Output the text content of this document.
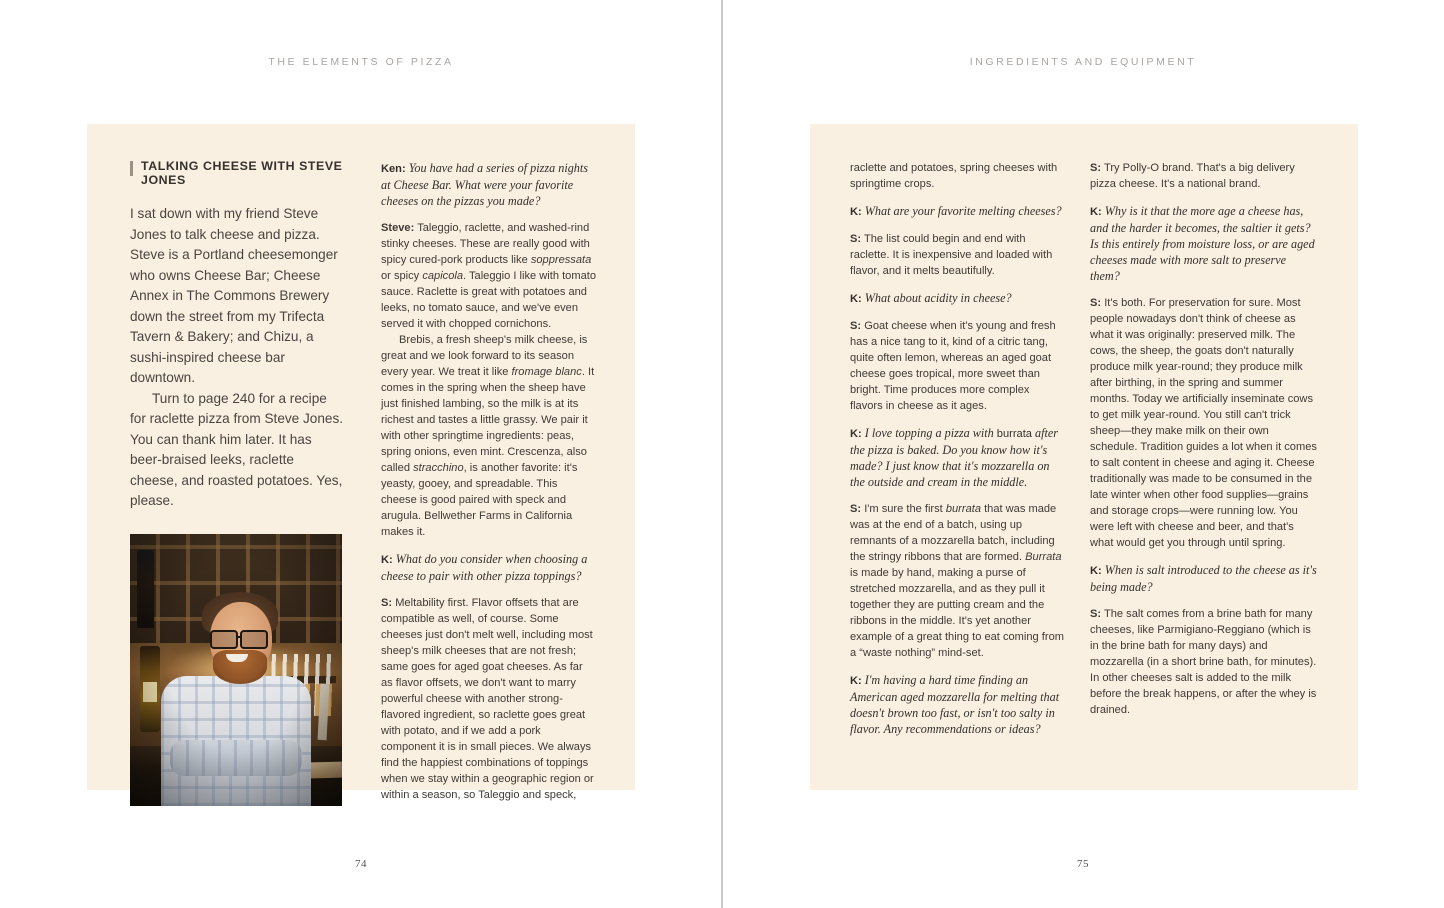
THE ELEMENTS OF PIZZA
TALKING CHEESE WITH STEVE JONES

I sat down with my friend Steve Jones to talk cheese and pizza. Steve is a Portland cheesemonger who owns Cheese Bar; Cheese Annex in The Commons Brewery down the street from my Trifecta Tavern & Bakery; and Chizu, a sushi-inspired cheese bar downtown.

Turn to page 240 for a recipe for raclette pizza from Steve Jones. You can thank him later. It has beer-braised leeks, raclette cheese, and roasted potatoes. Yes, please.

Ken: You have had a series of pizza nights at Cheese Bar. What were your favorite cheeses on the pizzas you made?

Steve: Taleggio, raclette, and washed-rind stinky cheeses. These are really good with spicy cured-pork products like soppressata or spicy capicola. Taleggio I like with tomato sauce. Raclette is great with potatoes and leeks, no tomato sauce, and we've even served it with chopped cornichons.

Brebis, a fresh sheep's milk cheese, is great and we look forward to its season every year. We treat it like fromage blanc. It comes in the spring when the sheep have just finished lambing, so the milk is at its richest and tastes a little grassy. We pair it with other springtime ingredients: peas, spring onions, even mint. Crescenza, also called stracchino, is another favorite: it's yeasty, gooey, and spreadable. This cheese is good paired with speck and arugula. Bellwether Farms in California makes it.

K: What do you consider when choosing a cheese to pair with other pizza toppings?

S: Meltability first. Flavor offsets that are compatible as well, of course. Some cheeses just don't melt well, including most sheep's milk cheeses that are not fresh; same goes for aged goat cheeses. As far as flavor offsets, we don't want to marry powerful cheese with another strong-flavored ingredient, so raclette goes great with potato, and if we add a pork component it is in small pieces. We always find the happiest combinations of toppings when we stay within a geographic region or within a season, so Taleggio and speck,

74
INGREDIENTS AND EQUIPMENT

raclette and potatoes, spring cheeses with springtime crops.

K: What are your favorite melting cheeses?

S: The list could begin and end with raclette. It is inexpensive and loaded with flavor, and it melts beautifully.

K: What about acidity in cheese?

S: Goat cheese when it's young and fresh has a nice tang to it, kind of a citric tang, quite often lemon, whereas an aged goat cheese goes tropical, more sweet than bright. Time produces more complex flavors in cheese as it ages.

K: I love topping a pizza with burrata after the pizza is baked. Do you know how it's made? I just know that it's mozzarella on the outside and cream in the middle.

S: I'm sure the first burrata that was made was at the end of a batch, using up remnants of a mozzarella batch, including the stringy ribbons that are formed. Burrata is made by hand, making a purse of stretched mozzarella, and as they pull it together they are putting cream and the ribbons in the middle. It's yet another example of a great thing to eat coming from a “waste nothing” mind-set.

K: I'm having a hard time finding an American aged mozzarella for melting that doesn't brown too fast, or isn't too salty in flavor. Any recommendations or ideas?

S: Try Polly-O brand. That's a big delivery pizza cheese. It's a national brand.

K: Why is it that the more age a cheese has, and the harder it becomes, the saltier it gets? Is this entirely from moisture loss, or are aged cheeses made with more salt to preserve them?

S: It's both. For preservation for sure. Most people nowadays don't think of cheese as what it was originally: preserved milk. The cows, the sheep, the goats don't naturally produce milk year-round; they produce milk after birthing, in the spring and summer months. Today we artificially inseminate cows to get milk year-round. You still can't trick sheep—they make milk on their own schedule. Tradition guides a lot when it comes to salt content in cheese and aging it. Cheese traditionally was made to be consumed in the late winter when other food supplies—grains and storage crops—were running low. You were left with cheese and beer, and that's what would get you through until spring.

K: When is salt introduced to the cheese as it's being made?

S: The salt comes from a brine bath for many cheeses, like Parmigiano-Reggiano (which is in the brine bath for many days) and mozzarella (in a short brine bath, for minutes). In other cheeses salt is added to the milk before the break happens, or after the whey is drained.

75
